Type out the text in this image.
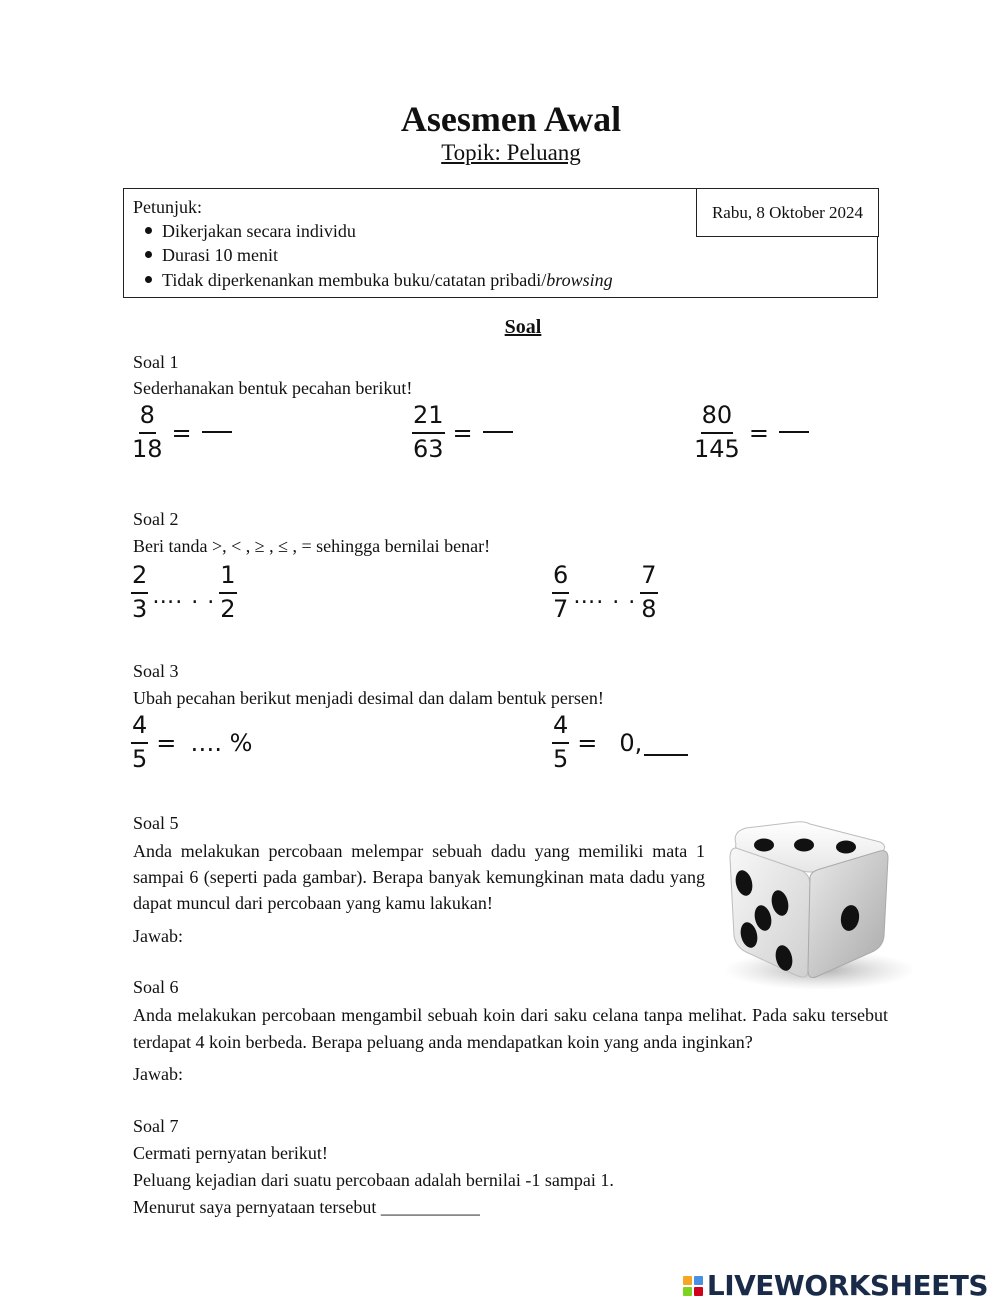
Asesmen Awal
Topik: Peluang
Rabu, 8 Oktober 2024
Petunjuk:
Dikerjakan secara individu
Durasi 10 menit
Tidak diperkenankan membuka buku/catatan pribadi/browsing
Soal
Soal 1
Sederhanakan bentuk pecahan berikut!
$\frac{8}{18}$ =	$\frac{21}{63}$ =	$\frac{80}{145}$ =
Soal 2
Beri tanda >, < , ≥ , ≤ , = sehingga bernilai benar!
$\frac{2}{3}$ …. . . $\frac{1}{2}$	$\frac{6}{7}$ …. . . $\frac{7}{8}$
Soal 3
Ubah pecahan berikut menjadi desimal dan dalam bentuk persen!
$\frac{4}{5}$ = …. %	$\frac{4}{5} = 0$,
Soal 5
Anda melakukan percobaan melempar sebuah dadu yang memiliki mata 1 sampai 6 (seperti pada gambar). Berapa banyak kemungkinan mata dadu yang dapat muncul dari percobaan yang kamu lakukan!
Jawab:
Soal 6
Anda melakukan percobaan mengambil sebuah koin dari saku celana tanpa melihat. Pada saku tersebut terdapat 4 koin berbeda. Berapa peluang anda mendapatkan koin yang anda inginkan?
Jawab:
Soal 7
Cermati pernyatan berikut!
Peluang kejadian dari suatu percobaan adalah bernilai -1 sampai 1.
Menurut saya pernyataan tersebut ___________
LIVEWORKSHEETS
